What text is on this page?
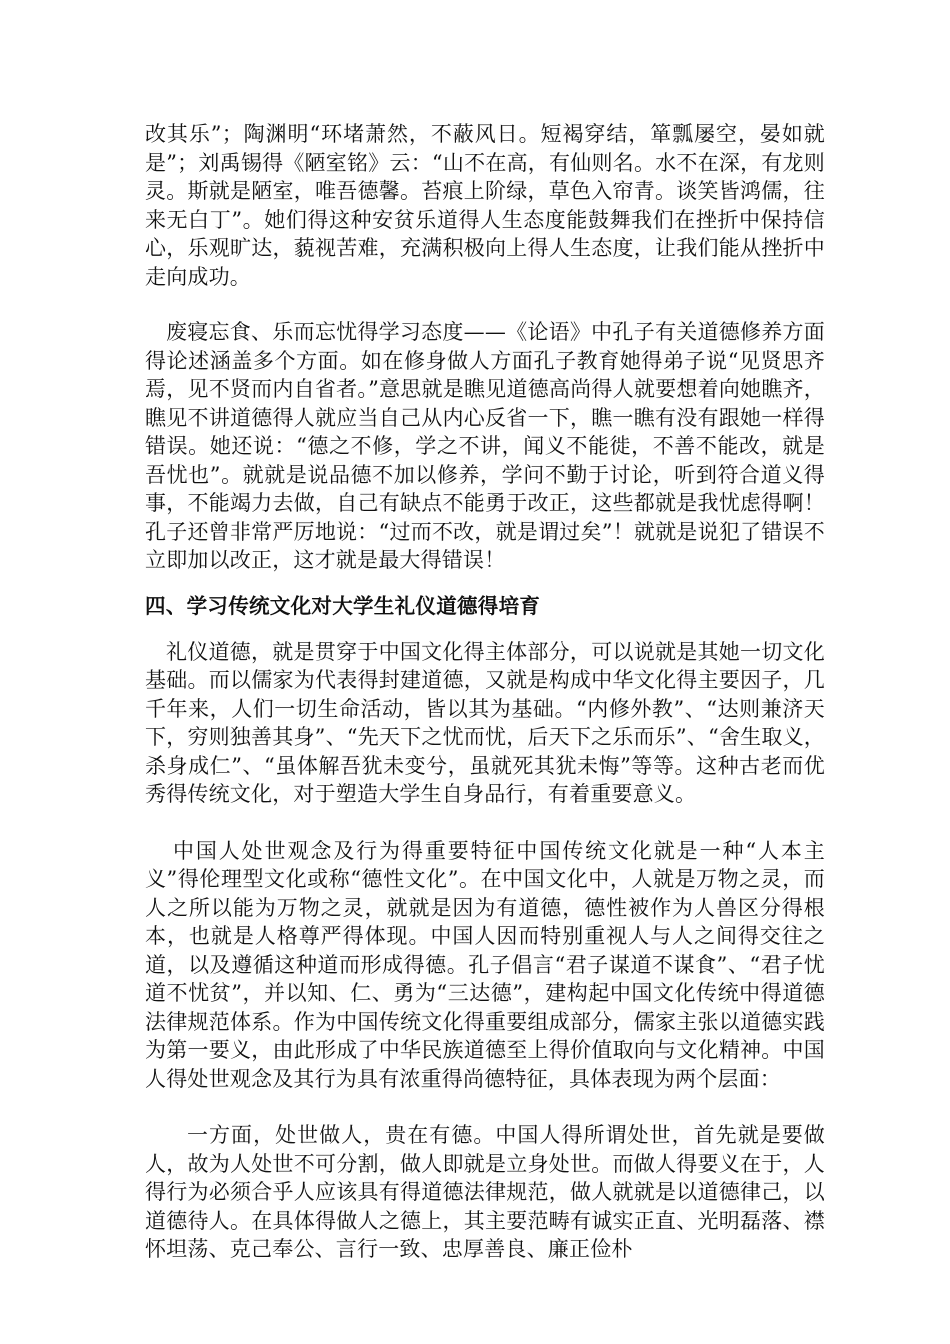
改其乐”；陶渊明“环堵萧然，不蔽风日。短褐穿结，箪瓢屡空，晏如就是”；刘禹锡得《陋室铭》云：“山不在高，有仙则名。水不在深，有龙则灵。斯就是陋室，唯吾德馨。苔痕上阶绿，草色入帘青。谈笑皆鸿儒，往来无白丁”。她们得这种安贫乐道得人生态度能鼓舞我们在挫折中保持信心，乐观旷达，藐视苦难，充满积极向上得人生态度，让我们能从挫折中走向成功。

废寝忘食、乐而忘忧得学习态度——《论语》中孔子有关道德修养方面得论述涵盖多个方面。如在修身做人方面孔子教育她得弟子说“见贤思齐焉，见不贤而内自省者。”意思就是瞧见道德高尚得人就要想着向她瞧齐，瞧见不讲道德得人就应当自己从内心反省一下，瞧一瞧有没有跟她一样得错误。她还说：“德之不修，学之不讲，闻义不能徙，不善不能改，就是吾忧也”。就就是说品德不加以修养，学问不勤于讨论，听到符合道义得事，不能竭力去做，自己有缺点不能勇于改正，这些都就是我忧虑得啊！孔子还曾非常严厉地说：“过而不改，就是谓过矣”！就就是说犯了错误不立即加以改正，这才就是最大得错误！

四、学习传统文化对大学生礼仪道德得培育

礼仪道德，就是贯穿于中国文化得主体部分，可以说就是其她一切文化基础。而以儒家为代表得封建道德，又就是构成中华文化得主要因子，几千年来，人们一切生命活动，皆以其为基础。“内修外教”、“达则兼济天下，穷则独善其身”、“先天下之忧而忧，后天下之乐而乐”、“舍生取义，杀身成仁”、“虽体解吾犹未变兮，虽就死其犹未悔”等等。这种古老而优秀得传统文化，对于塑造大学生自身品行，有着重要意义。

中国人处世观念及行为得重要特征中国传统文化就是一种“人本主义”得伦理型文化或称“德性文化”。在中国文化中，人就是万物之灵，而人之所以能为万物之灵，就就是因为有道德，德性被作为人兽区分得根本，也就是人格尊严得体现。中国人因而特别重视人与人之间得交往之道，以及遵循这种道而形成得德。孔子倡言“君子谋道不谋食”、“君子忧道不忧贫”，并以知、仁、勇为“三达德”，建构起中国文化传统中得道德法律规范体系。作为中国传统文化得重要组成部分，儒家主张以道德实践为第一要义，由此形成了中华民族道德至上得价值取向与文化精神。中国人得处世观念及其行为具有浓重得尚德特征，具体表现为两个层面：

一方面，处世做人，贵在有德。中国人得所谓处世，首先就是要做人，故为人处世不可分割，做人即就是立身处世。而做人得要义在于，人得行为必须合乎人应该具有得道德法律规范，做人就就是以道德律己，以道德待人。在具体得做人之德上，其主要范畴有诚实正直、光明磊落、襟怀坦荡、克己奉公、言行一致、忠厚善良、廉正俭朴
